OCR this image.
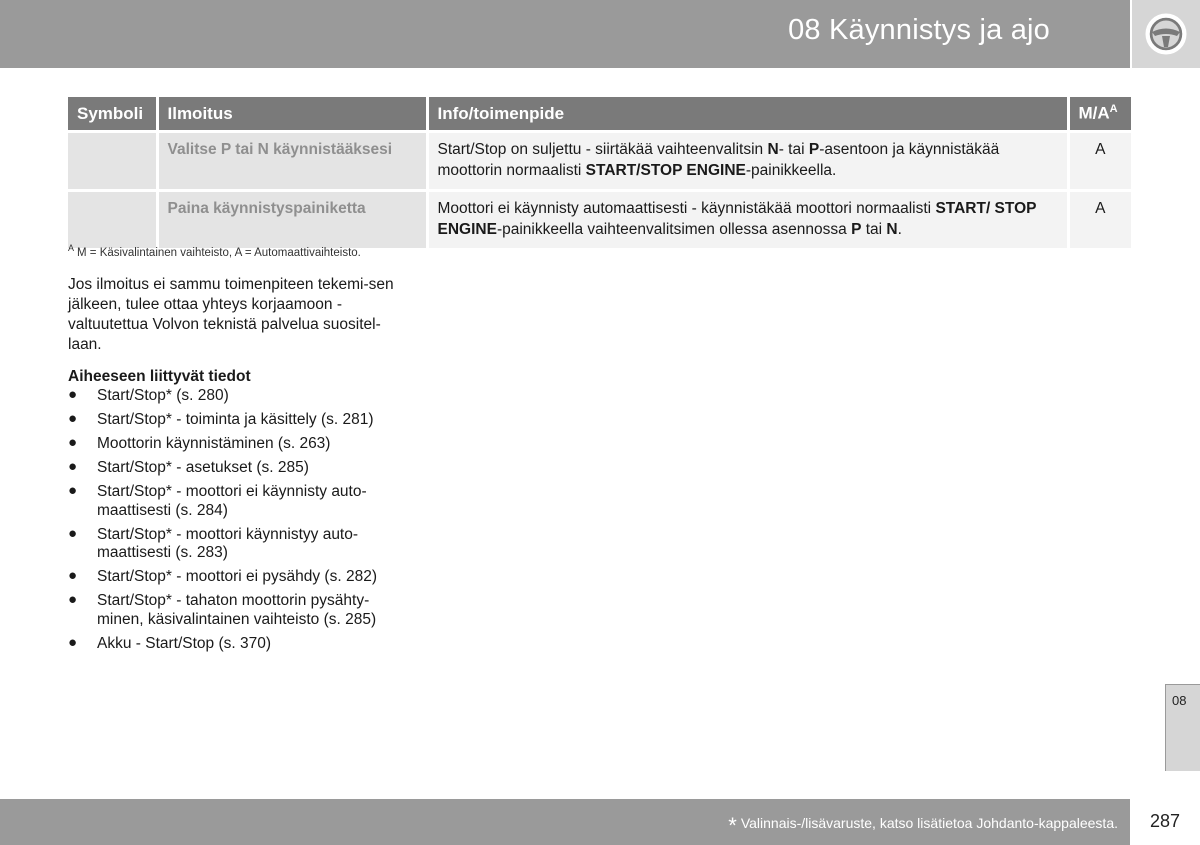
08 Käynnistys ja ajo
Symboli	Ilmoitus	Info/toimenpide	$M/A^A$
	Valitse P tai N käynnistääksesi	Start/Stop on suljettu - siirtäkää vaihteenvalitsin N- tai P-asentoon ja käynnistäkää moottorin normaalisti START/STOP ENGINE-painikkeella.	A
	Paina käynnistyspainiketta	Moottori ei käynnisty automaattisesti - käynnistäkää moottori normaalisti START/ STOP ENGINE-painikkeella vaihteenvalitsimen ollessa asennossa P tai N.	A
$^A$ M = Käsivalintainen vaihteisto, A = Automaattivaihteisto.
Jos ilmoitus ei sammu toimenpiteen tekemi-sen jälkeen, tulee ottaa yhteys korjaamoon - valtuutettua Volvon teknistä palvelua suositel-laan.
Aiheeseen liittyvät tiedot
● Start/Stop* (s. 280)
● Start/Stop* - toiminta ja käsittely (s. 281)
● Moottorin käynnistäminen (s. 263)
● Start/Stop* - asetukset (s. 285)
● Start/Stop* - moottori ei käynnisty auto-maattisesti (s. 284)
● Start/Stop* - moottori käynnistyy auto-maattisesti (s. 283)
● Start/Stop* - moottori ei pysähdy (s. 282)
● Start/Stop* - tahaton moottorin pysähty-minen, käsivalintainen vaihteisto (s. 285)
● Akku - Start/Stop (s. 370)
08
* Valinnais-/lisävaruste, katso lisätietoa Johdanto-kappaleesta. 287
